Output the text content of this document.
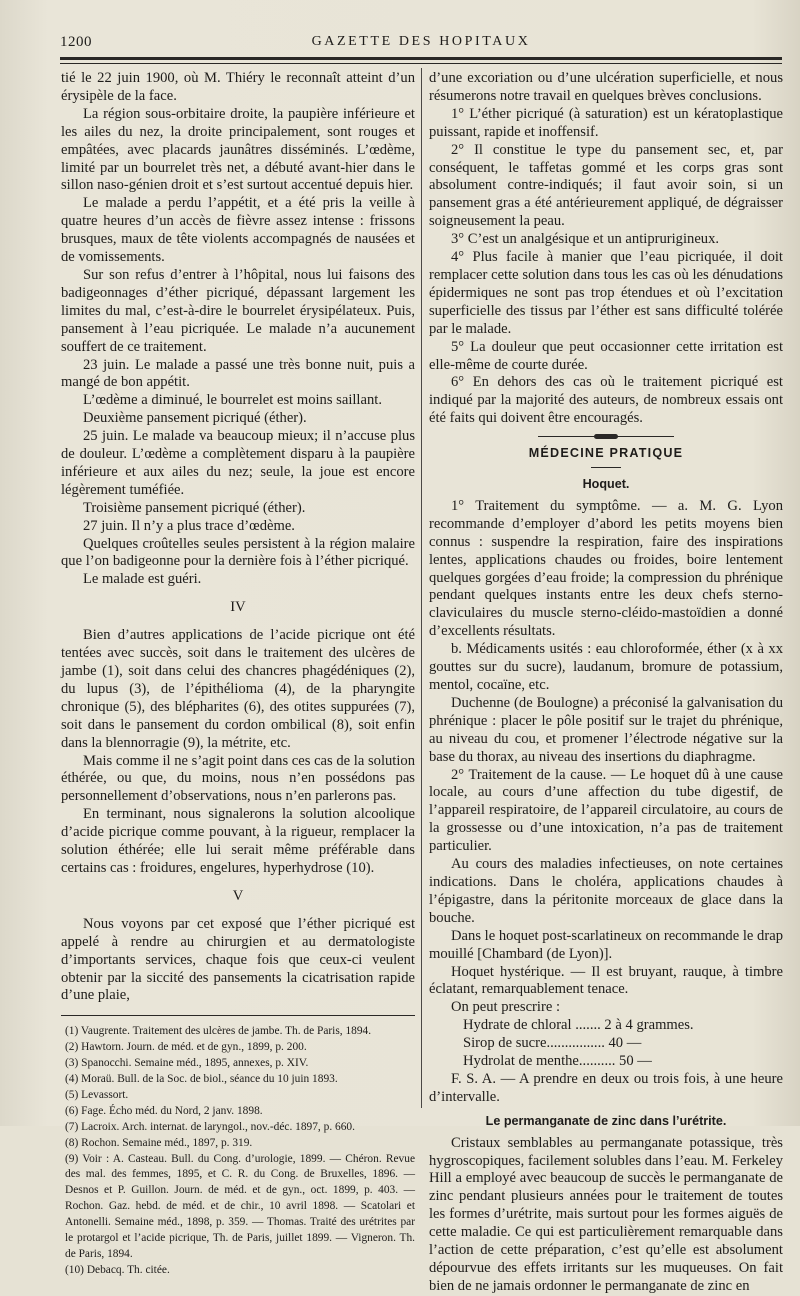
1200	GAZETTE DES HOPITAUX

tié le 22 juin 1900, où M. Thiéry le reconnaît atteint d’un érysipèle de la face.

La région sous-orbitaire droite, la paupière inférieure et les ailes du nez, la droite principalement, sont rouges et empâtées, avec placards jaunâtres disséminés. L’œdème, limité par un bourrelet très net, a débuté avant-hier dans le sillon naso-génien droit et s’est surtout accentué depuis hier.

Le malade a perdu l’appétit, et a été pris la veille à quatre heures d’un accès de fièvre assez intense : frissons brusques, maux de tête violents accompagnés de nausées et de vomissements.

Sur son refus d’entrer à l’hôpital, nous lui faisons des badigeonnages d’éther picriqué, dépassant largement les limites du mal, c’est-à-dire le bourrelet érysipélateux. Puis, pansement à l’eau picriquée. Le malade n’a aucunement souffert de ce traitement.

23 juin. Le malade a passé une très bonne nuit, puis a mangé de bon appétit.

L’œdème a diminué, le bourrelet est moins saillant.

Deuxième pansement picriqué (éther).

25 juin. Le malade va beaucoup mieux; il n’accuse plus de douleur. L’œdème a complètement disparu à la paupière inférieure et aux ailes du nez; seule, la joue est encore légèrement tuméfiée.

Troisième pansement picriqué (éther).

27 juin. Il n’y a plus trace d’œdème.

Quelques croûtelles seules persistent à la région malaire que l’on badigeonne pour la dernière fois à l’éther picriqué.

Le malade est guéri.

IV

Bien d’autres applications de l’acide picrique ont été tentées avec succès, soit dans le traitement des ulcères de jambe (1), soit dans celui des chancres phagédéniques (2), du lupus (3), de l’épithélioma (4), de la pharyngite chronique (5), des blépharites (6), des otites suppurées (7), soit dans le pansement du cordon ombilical (8), soit enfin dans la blennorragie (9), la métrite, etc.

Mais comme il ne s’agit point dans ces cas de la solution éthérée, ou que, du moins, nous n’en possédons pas personnellement d’observations, nous n’en parlerons pas.

En terminant, nous signalerons la solution alcoolique d’acide picrique comme pouvant, à la rigueur, remplacer la solution éthérée; elle lui serait même préférable dans certains cas : froidures, engelures, hyperhydrose (10).

V

Nous voyons par cet exposé que l’éther picriqué est appelé à rendre au chirurgien et au dermatologiste d’importants services, chaque fois que ceux-ci veulent obtenir par la siccité des pansements la cicatrisation rapide d’une plaie,

(1) Vaugrente. Traitement des ulcères de jambe. Th. de Paris, 1894.

(2) Hawtorn. Journ. de méd. et de gyn., 1899, p. 200.

(3) Spanocchi. Semaine méd., 1895, annexes, p. XIV.

(4) Moraü. Bull. de la Soc. de biol., séance du 10 juin 1893.

(5) Levassort.

(6) Fage. Écho méd. du Nord, 2 janv. 1898.

(7) Lacroix. Arch. internat. de laryngol., nov.-déc. 1897, p. 660.

(8) Rochon. Semaine méd., 1897, p. 319.

(9) Voir : A. Casteau. Bull. du Cong. d’urologie, 1899. — Chéron. Revue des mal. des femmes, 1895, et C. R. du Cong. de Bruxelles, 1896. — Desnos et P. Guillon. Journ. de méd. et de gyn., oct. 1899, p. 403. — Rochon. Gaz. hebd. de méd. et de chir., 10 avril 1898. — Scatolari et Antonelli. Semaine méd., 1898, p. 359. — Thomas. Traité des urétrites par le protargol et l’acide picrique, Th. de Paris, juillet 1899. — Vigneron. Th. de Paris, 1894.

(10) Debacq. Th. citée.

d’une excoriation ou d’une ulcération superficielle, et nous résumerons notre travail en quelques brèves conclusions.

1° L’éther picriqué (à saturation) est un kératoplastique puissant, rapide et inoffensif.

2° Il constitue le type du pansement sec, et, par conséquent, le taffetas gommé et les corps gras sont absolument contre-indiqués; il faut avoir soin, si un pansement gras a été antérieurement appliqué, de dégraisser soigneusement la peau.

3° C’est un analgésique et un antiprurigineux.

4° Plus facile à manier que l’eau picriquée, il doit remplacer cette solution dans tous les cas où les dénudations épidermiques ne sont pas trop étendues et où l’excitation superficielle des tissus par l’éther est sans difficulté tolérée par le malade.

5° La douleur que peut occasionner cette irritation est elle-même de courte durée.

6° En dehors des cas où le traitement picriqué est indiqué par la majorité des auteurs, de nombreux essais ont été faits qui doivent être encouragés.

MÉDECINE PRATIQUE
Hoquet.

1° Traitement du symptôme. — a. M. G. Lyon recommande d’employer d’abord les petits moyens bien connus : suspendre la respiration, faire des inspirations lentes, applications chaudes ou froides, boire lentement quelques gorgées d’eau froide; la compression du phrénique pendant quelques instants entre les deux chefs sterno-claviculaires du muscle sterno-cléido-mastoïdien a donné d’excellents résultats.

b. Médicaments usités : eau chloroformée, éther (x à xx gouttes sur du sucre), laudanum, bromure de potassium, mentol, cocaïne, etc.

Duchenne (de Boulogne) a préconisé la galvanisation du phrénique : placer le pôle positif sur le trajet du phrénique, au niveau du cou, et promener l’électrode négative sur la base du thorax, au niveau des insertions du diaphragme.

2° Traitement de la cause. — Le hoquet dû à une cause locale, au cours d’une affection du tube digestif, de l’appareil respiratoire, de l’appareil circulatoire, au cours de la grossesse ou d’une intoxication, n’a pas de traitement particulier.

Au cours des maladies infectieuses, on note certaines indications. Dans le choléra, applications chaudes à l’épigastre, dans la péritonite morceaux de glace dans la bouche.

Dans le hoquet post-scarlatineux on recommande le drap mouillé [Chambard (de Lyon)].

Hoquet hystérique. — Il est bruyant, rauque, à timbre éclatant, remarquablement tenace.

On peut prescrire :

Hydrate de chloral ....... 2 à 4 grammes.

Sirop de sucre................ 40 —

Hydrolat de menthe.......... 50 —

F. S. A. — A prendre en deux ou trois fois, à une heure d’intervalle.

Le permanganate de zinc dans l’urétrite.

Cristaux semblables au permanganate potassique, très hygroscopiques, facilement solubles dans l’eau. M. Ferkeley Hill a employé avec beaucoup de succès le permanganate de zinc pendant plusieurs années pour le traitement de toutes les formes d’urétrite, mais surtout pour les formes aiguës de cette maladie. Ce qui est particulièrement remarquable dans l’action de cette préparation, c’est qu’elle est absolument dépourvue des effets irritants sur les muqueuses. On fait bien de ne jamais ordonner le permanganate de zinc en
